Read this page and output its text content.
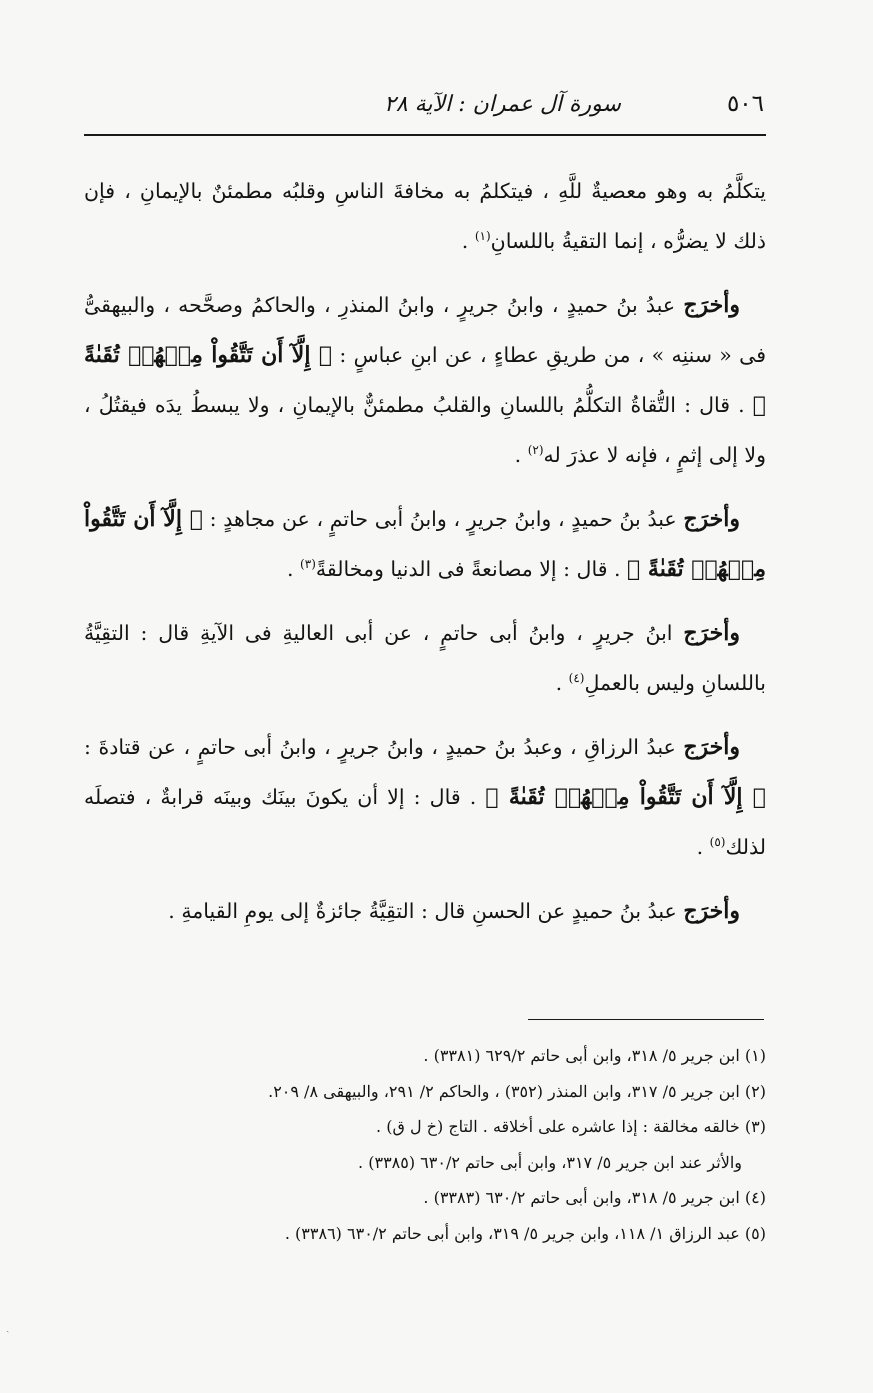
٥٠٦
سورة آل عمران : الآية ٢٨

يتكلَّمُ به وهو معصيةٌ للَّهِ ، فيتكلمُ به مخافةَ الناسِ وقلبُه مطمئنٌ بالإيمانِ ، فإن ذلك لا يضرُّه ، إنما التقيةُ باللسانِ$^{(١)}$ .

وأخرَج عبدُ بنُ حميدٍ ، وابنُ جريرٍ ، وابنُ المنذرِ ، والحاكمُ وصحَّحه ، والبيهقىُّ فى « سننِه » ، من طريقِ عطاءٍ ، عن ابنِ عباسٍ : ﴿ إِلَّآ أَن تَتَّقُواْ مِنۡهُمۡ تُقَىٰةً ﴾ . قال : التُّقاةُ التكلُّمُ باللسانِ والقلبُ مطمئنٌّ بالإيمانِ ، ولا يبسطُ يدَه فيقتُلُ ، ولا إلى إثمٍ ، فإنه لا عذرَ له$^{(٢)}$ .

وأخرَج عبدُ بنُ حميدٍ ، وابنُ جريرٍ ، وابنُ أبى حاتمٍ ، عن مجاهدٍ : ﴿ إِلَّآ أَن تَتَّقُواْ مِنۡهُمۡ تُقَىٰةً ﴾ . قال : إلا مصانعةً فى الدنيا ومخالقةً$^{(٣)}$ .

وأخرَج ابنُ جريرٍ ، وابنُ أبى حاتمٍ ، عن أبى العاليةِ فى الآيةِ قال : التقِيَّةُ باللسانِ وليس بالعملِ$^{(٤)}$ .

وأخرَج عبدُ الرزاقِ ، وعبدُ بنُ حميدٍ ، وابنُ جريرٍ ، وابنُ أبى حاتمٍ ، عن قتادةَ : ﴿ إِلَّآ أَن تَتَّقُواْ مِنۡهُمۡ تُقَىٰةً ﴾ . قال : إلا أن يكونَ بينَك وبينَه قرابةٌ ، فتصلَه لذلك$^{(٥)}$ .

وأخرَج عبدُ بنُ حميدٍ عن الحسنِ قال : التقِيَّةُ جائزةٌ إلى يومِ القيامةِ .

(١) ابن جرير ٥/ ٣١٨، وابن أبى حاتم ٦٢٩/٢ (٣٣٨١) .
(٢) ابن جرير ٥/ ٣١٧، وابن المنذر (٣٥٢) ، والحاكم ٢/ ٢٩١، والبيهقى ٨/ ٢٠٩.
(٣) خالقه مخالقة : إذا عاشره على أخلاقه . التاج (خ ل ق) .
والأثر عند ابن جرير ٥/ ٣١٧، وابن أبى حاتم ٦٣٠/٢ (٣٣٨٥) .
(٤) ابن جرير ٥/ ٣١٨، وابن أبى حاتم ٦٣٠/٢ (٣٣٨٣) .
(٥) عبد الرزاق ١/ ١١٨، وابن جرير ٥/ ٣١٩، وابن أبى حاتم ٦٣٠/٢ (٣٣٨٦) .
ˏ
